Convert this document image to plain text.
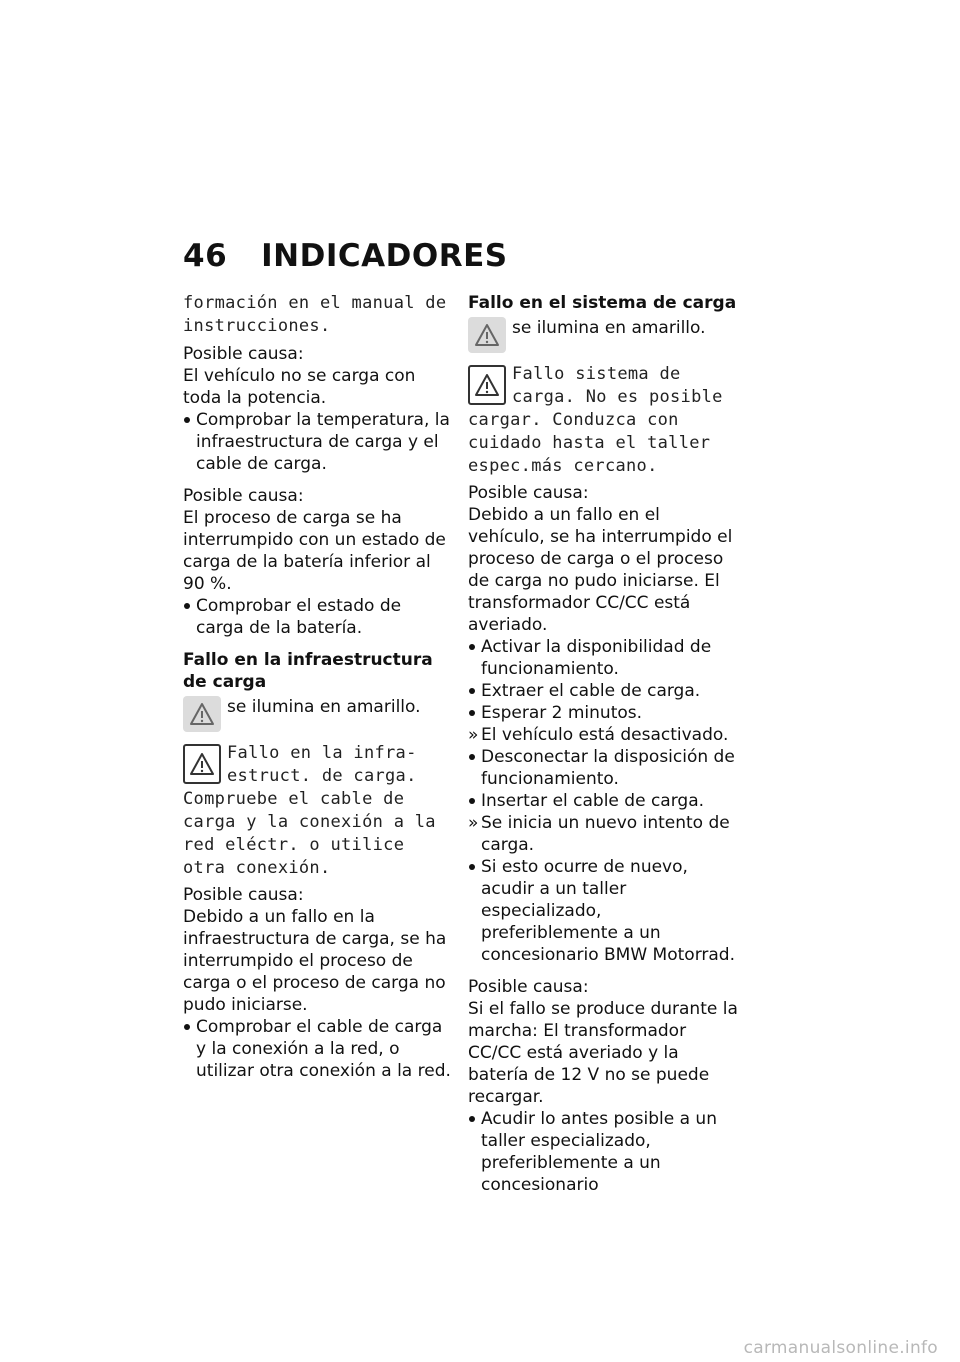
46 INDICADORES

formación en el manual de instrucciones.

Posible causa:

El vehículo no se carga con toda la potencia.

Comprobar la temperatura, la infraestructura de carga y el cable de carga.

Posible causa:

El proceso de carga se ha interrumpido con un estado de carga de la batería inferior al 90 %.

Comprobar el estado de carga de la batería.

Fallo en la infraestructura de carga

se ilumina en amarillo.
Fallo en la infra-estruct. de carga. Compruebe el cable de carga y la conexión a la red eléctr. o utilice otra conexión.

Posible causa:

Debido a un fallo en la infraestructura de carga, se ha interrumpido el proceso de carga o el proceso de carga no pudo iniciarse.

Comprobar el cable de carga y la conexión a la red, o utilizar otra conexión a la red.

Fallo en el sistema de carga

se ilumina en amarillo.
Fallo sistema de carga. No es posible cargar. Conduzca con cuidado hasta el taller espec.más cercano.

Posible causa:

Debido a un fallo en el vehículo, se ha interrumpido el proceso de carga o el proceso de carga no pudo iniciarse. El transformador CC/CC está averiado.

Activar la disponibilidad de funcionamiento.

Extraer el cable de carga.

Esperar 2 minutos.

» El vehículo está desactivado.

Desconectar la disposición de funcionamiento.

Insertar el cable de carga.

» Se inicia un nuevo intento de carga.

Si esto ocurre de nuevo, acudir a un taller especializado, preferiblemente a un concesionario BMW Motorrad.

Posible causa:

Si el fallo se produce durante la marcha: El transformador CC/CC está averiado y la batería de 12 V no se puede recargar.

Acudir lo antes posible a un taller especializado, preferiblemente a un concesionario

carmanualsonline.info
